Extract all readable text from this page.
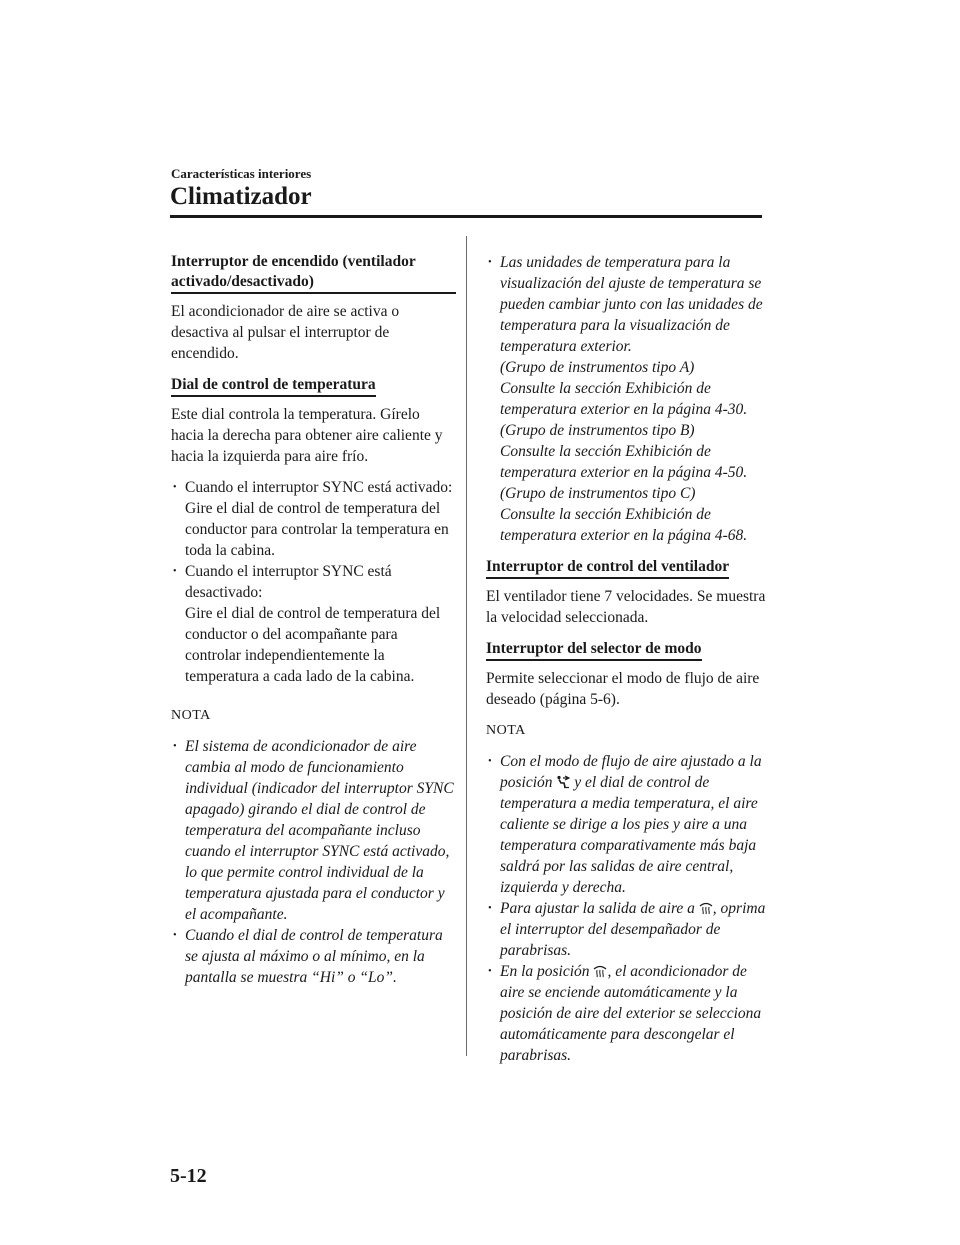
Características interiores
Climatizador
Interruptor de encendido (ventilador activado/desactivado)

El acondicionador de aire se activa o desactiva al pulsar el interruptor de encendido.

Dial de control de temperatura

Este dial controla la temperatura. Gírelo hacia la derecha para obtener aire caliente y hacia la izquierda para aire frío.

• Cuando el interruptor SYNC está activado:
Gire el dial de control de temperatura del conductor para controlar la temperatura en toda la cabina.
• Cuando el interruptor SYNC está desactivado:
Gire el dial de control de temperatura del conductor o del acompañante para controlar independientemente la temperatura a cada lado de la cabina.
NOTA
• El sistema de acondicionador de aire cambia al modo de funcionamiento individual (indicador del interruptor SYNC apagado) girando el dial de control de temperatura del acompañante incluso cuando el interruptor SYNC está activado, lo que permite control individual de la temperatura ajustada para el conductor y el acompañante.
• Cuando el dial de control de temperatura se ajusta al máximo o al mínimo, en la pantalla se muestra “Hi” o “Lo”.
• Las unidades de temperatura para la visualización del ajuste de temperatura se pueden cambiar junto con las unidades de temperatura para la visualización de temperatura exterior.
(Grupo de instrumentos tipo A)
Consulte la sección Exhibición de temperatura exterior en la página 4-30.
(Grupo de instrumentos tipo B)
Consulte la sección Exhibición de temperatura exterior en la página 4-50.
(Grupo de instrumentos tipo C)
Consulte la sección Exhibición de temperatura exterior en la página 4-68.
Interruptor de control del ventilador

El ventilador tiene 7 velocidades. Se muestra la velocidad seleccionada.

Interruptor del selector de modo

Permite seleccionar el modo de flujo de aire deseado (página 5-6).

NOTA
• Con el modo de flujo de aire ajustado a la posición y el dial de control de temperatura a media temperatura, el aire caliente se dirige a los pies y aire a una temperatura comparativamente más baja saldrá por las salidas de aire central, izquierda y derecha.
• Para ajustar la salida de aire a , oprima el interruptor del desempañador de parabrisas.
• En la posición , el acondicionador de aire se enciende automáticamente y la posición de aire del exterior se selecciona automáticamente para descongelar el parabrisas.
5-12
